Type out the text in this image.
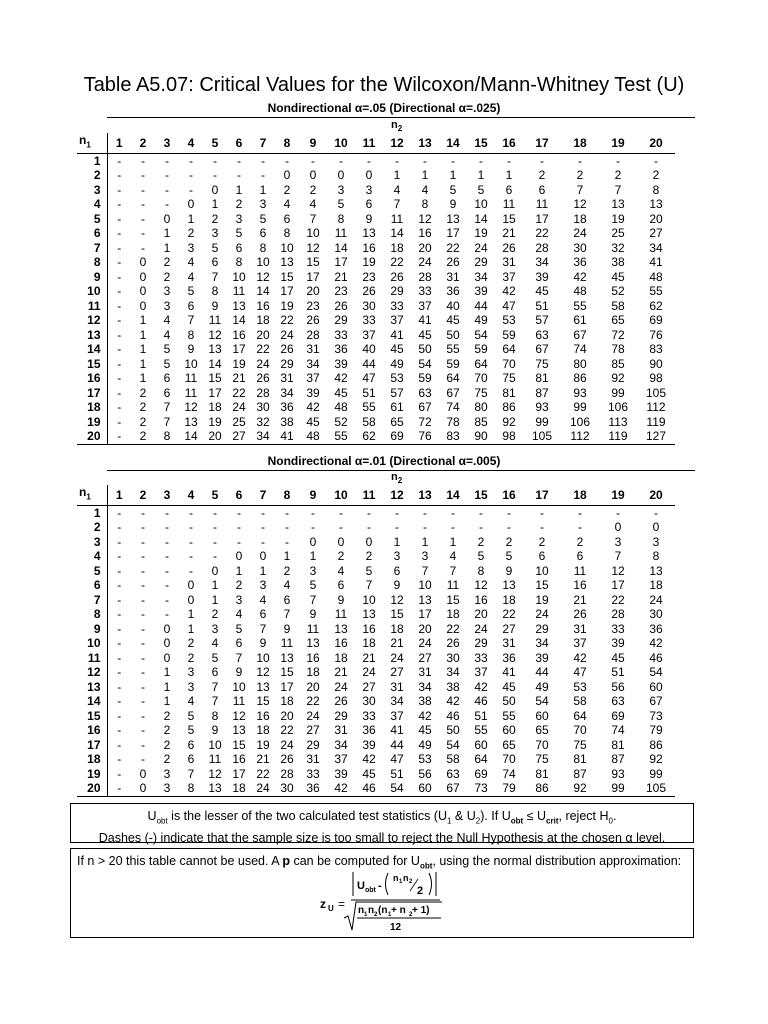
Table A5.07: Critical Values for the Wilcoxon/Mann-Whitney Test (U)
Nondirectional α=.05 (Directional α=.025)
$n_2$
$n_1$	1	2	3	4	5	6	7	8	9	10	11	12	13	14	15	16	17	18	19	20
1	-	-	-	-	-	-	-	-	-	-	-	-	-	-	-	-	-	-	-	-
2	-	-	-	-	-	-	-	0	0	0	0	1	1	1	1	1	2	2	2	2
3	-	-	-	-	0	1	1	2	2	3	3	4	4	5	5	6	6	7	7	8
4	-	-	-	0	1	2	3	4	4	5	6	7	8	9	10	11	11	12	13	13
5	-	-	0	1	2	3	5	6	7	8	9	11	12	13	14	15	17	18	19	20
6	-	-	1	2	3	5	6	8	10	11	13	14	16	17	19	21	22	24	25	27
7	-	-	1	3	5	6	8	10	12	14	16	18	20	22	24	26	28	30	32	34
8	-	0	2	4	6	8	10	13	15	17	19	22	24	26	29	31	34	36	38	41
9	-	0	2	4	7	10	12	15	17	21	23	26	28	31	34	37	39	42	45	48
10	-	0	3	5	8	11	14	17	20	23	26	29	33	36	39	42	45	48	52	55
11	-	0	3	6	9	13	16	19	23	26	30	33	37	40	44	47	51	55	58	62
12	-	1	4	7	11	14	18	22	26	29	33	37	41	45	49	53	57	61	65	69
13	-	1	4	8	12	16	20	24	28	33	37	41	45	50	54	59	63	67	72	76
14	-	1	5	9	13	17	22	26	31	36	40	45	50	55	59	64	67	74	78	83
15	-	1	5	10	14	19	24	29	34	39	44	49	54	59	64	70	75	80	85	90
16	-	1	6	11	15	21	26	31	37	42	47	53	59	64	70	75	81	86	92	98
17	-	2	6	11	17	22	28	34	39	45	51	57	63	67	75	81	87	93	99	105
18	-	2	7	12	18	24	30	36	42	48	55	61	67	74	80	86	93	99	106	112
19	-	2	7	13	19	25	32	38	45	52	58	65	72	78	85	92	99	106	113	119
20	-	2	8	14	20	27	34	41	48	55	62	69	76	83	90	98	105	112	119	127
Nondirectional α=.01 (Directional α=.005)
$n_2$
$n_1$	1	2	3	4	5	6	7	8	9	10	11	12	13	14	15	16	17	18	19	20
1	-	-	-	-	-	-	-	-	-	-	-	-	-	-	-	-	-	-	-	-
2	-	-	-	-	-	-	-	-	-	-	-	-	-	-	-	-	-	-	0	0
3	-	-	-	-	-	-	-	-	0	0	0	1	1	1	2	2	2	2	3	3
4	-	-	-	-	-	0	0	1	1	2	2	3	3	4	5	5	6	6	7	8
5	-	-	-	-	0	1	1	2	3	4	5	6	7	7	8	9	10	11	12	13
6	-	-	-	0	1	2	3	4	5	6	7	9	10	11	12	13	15	16	17	18
7	-	-	-	0	1	3	4	6	7	9	10	12	13	15	16	18	19	21	22	24
8	-	-	-	1	2	4	6	7	9	11	13	15	17	18	20	22	24	26	28	30
9	-	-	0	1	3	5	7	9	11	13	16	18	20	22	24	27	29	31	33	36
10	-	-	0	2	4	6	9	11	13	16	18	21	24	26	29	31	34	37	39	42
11	-	-	0	2	5	7	10	13	16	18	21	24	27	30	33	36	39	42	45	46
12	-	-	1	3	6	9	12	15	18	21	24	27	31	34	37	41	44	47	51	54
13	-	-	1	3	7	10	13	17	20	24	27	31	34	38	42	45	49	53	56	60
14	-	-	1	4	7	11	15	18	22	26	30	34	38	42	46	50	54	58	63	67
15	-	-	2	5	8	12	16	20	24	29	33	37	42	46	51	55	60	64	69	73
16	-	-	2	5	9	13	18	22	27	31	36	41	45	50	55	60	65	70	74	79
17	-	-	2	6	10	15	19	24	29	34	39	44	49	54	60	65	70	75	81	86
18	-	-	2	6	11	16	21	26	31	37	42	47	53	58	64	70	75	81	87	92
19	-	0	3	7	12	17	22	28	33	39	45	51	56	63	69	74	81	87	93	99
20	-	0	3	8	13	18	24	30	36	42	46	54	60	67	73	79	86	92	99	105
$U_{obt}$ is the lesser of the two calculated test statistics ($U_1$ & $U_2$). If $U_{obt} \le U_{crit}$, reject $H_0$.
Dashes (-) indicate that the sample size is too small to reject the Null Hypothesis at the chosen α level.
If n > 20 this table cannot be used. A p can be computed for $U_{obt}$, using the normal distribution approximation:
z U =
U obt -
n 1 n 2
2
n 1 n 2 (n 1 + n 2 + 1)
12
